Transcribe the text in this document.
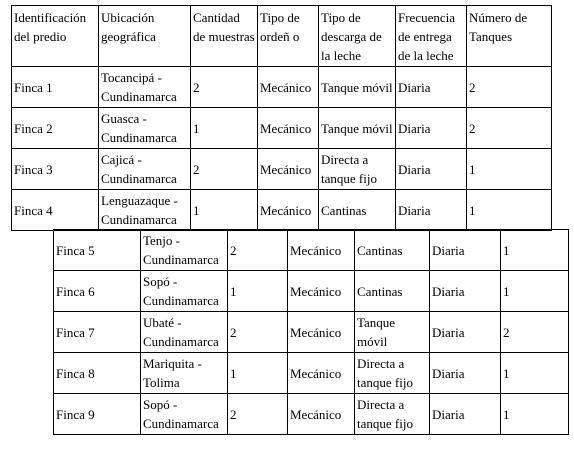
Identificación del predio	Ubicación geográfica	Cantidad de muestras	Tipo de ordeñ o	Tipo de descarga de la leche	Frecuencia de entrega de la leche	Número de Tanques
Finca 1	Tocancipá - Cundinamarca	2	Mecánico	Tanque móvil	Diaria	2
Finca 2	Guasca - Cundinamarca	1	Mecánico	Tanque móvil	Diaria	2
Finca 3	Cajicá - Cundinamarca	2	Mecánico	Directa a tanque fijo	Diaria	1
Finca 4	Lenguazaque - Cundinamarca	1	Mecánico	Cantinas	Diaria	1
Finca 5	Tenjo - Cundinamarca	2	Mecánico	Cantinas	Diaria	1
Finca 6	Sopó - Cundinamarca	1	Mecánico	Cantinas	Diaria	1
Finca 7	Ubaté - Cundinamarca	2	Mecánico	Tanque móvil	Diaria	2
Finca 8	Mariquita - Tolima	1	Mecánico	Directa a tanque fijo	Diaria	1
Finca 9	Sopó - Cundinamarca	2	Mecánico	Directa a tanque fijo	Diaria	1
